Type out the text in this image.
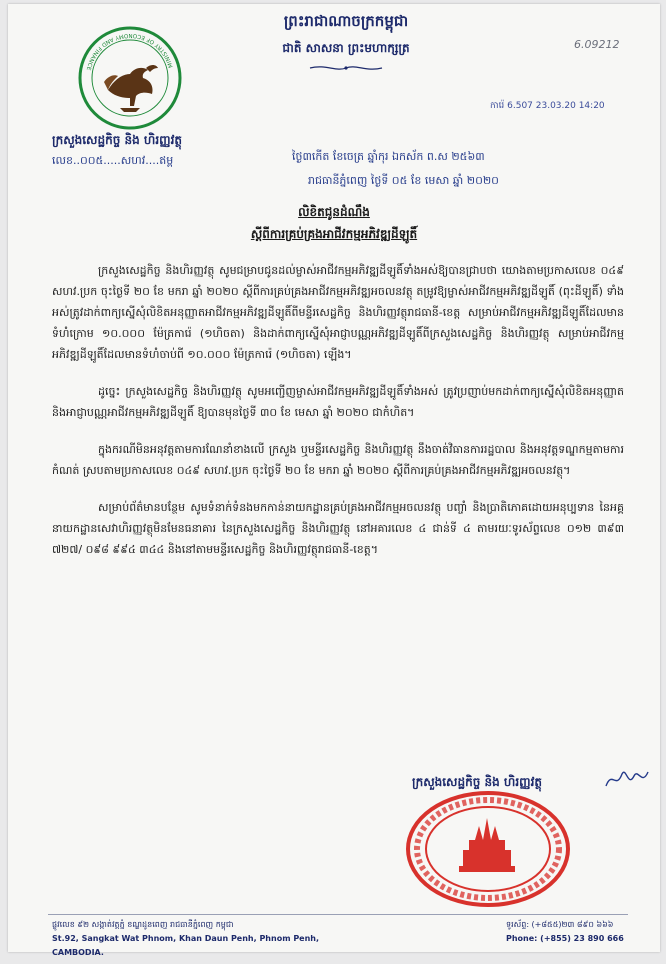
MINISTRY OF ECONOMY AND FINANCE
ក្រសួងសេដ្ឋកិច្ច និង ហិរញ្ញវត្ថុ
លេខ..០០៥.....សហវ....ឥម្ព
ព្រះរាជាណាចក្រកម្ពុជា
ជាតិ សាសនា ព្រះមហាក្សត្រ	6.09212
ការ៉េ 6.507 23.03.20 14:20
ថ្ងៃ៣កើត ខែចេត្រ ឆ្នាំកុរ ឯកស័ក ព.ស ២៥៦៣
រាជធានីភ្នំពេញ ថ្ងៃទី ០៥ ខែ មេសា ឆ្នាំ ២០២០
លិខិតជូនដំណឹង
ស្តីពីការគ្រប់គ្រងអាជីវកម្មអភិវឌ្ឍដីឡូតិ៍

ក្រសួងសេដ្ឋកិច្ច និងហិរញ្ញវត្ថុ សូមជម្រាបជូនដល់ម្ចាស់អាជីវកម្មអភិវឌ្ឍដីឡូតិ៍ទាំងអស់ឱ្យបានជ្រាបថា យោងតាមប្រកាសលេខ ០៤៩ សហវ.ប្រក ចុះថ្ងៃទី ២០ ខែ មករា ឆ្នាំ ២០២០ ស្តីពីការគ្រប់គ្រងអាជីវកម្មអភិវឌ្ឍអចលនវត្ថុ តម្រូវឱ្យម្ចាស់អាជីវកម្មអភិវឌ្ឍដីឡូតិ៍ (ពុះដីឡូតិ៍) ទាំងអស់ត្រូវដាក់ពាក្យស្នើសុំលិខិតអនុញ្ញាតអាជីវកម្មអភិវឌ្ឍដីឡូតិ៍ពីមន្ទីរសេដ្ឋកិច្ច និងហិរញ្ញវត្ថុរាជធានី-ខេត្ត សម្រាប់អាជីវកម្មអភិវឌ្ឍដីឡូតិ៍ដែលមានទំហំក្រោម ១០.០០០ ម៉ែត្រការ៉េ (១ហិចតា) និងដាក់ពាក្យស្នើសុំអាជ្ញាបណ្ណអភិវឌ្ឍដីឡូតិ៍ពីក្រសួងសេដ្ឋកិច្ច និងហិរញ្ញវត្ថុ សម្រាប់អាជីវកម្មអភិវឌ្ឍដីឡូតិ៍ដែលមានទំហំចាប់ពី ១០.០០០ ម៉ែត្រការ៉េ (១ហិចតា) ឡើង។

ដូច្នេះ ក្រសួងសេដ្ឋកិច្ច និងហិរញ្ញវត្ថុ សូមអញ្ជើញម្ចាស់អាជីវកម្មអភិវឌ្ឍដីឡូតិ៍ទាំងអស់ ត្រូវប្រញាប់មកដាក់ពាក្យស្នើសុំលិខិតអនុញ្ញាត និងអាជ្ញាបណ្ណអាជីវកម្មអភិវឌ្ឍដីឡូតិ៍ ឱ្យបានមុនថ្ងៃទី ៣០ ខែ មេសា ឆ្នាំ ២០២០ ជាកំហិត។

ក្នុងករណីមិនអនុវត្តតាមការណែនាំខាងលើ ក្រសួង ឬមន្ទីរសេដ្ឋកិច្ច និងហិរញ្ញវត្ថុ នឹងចាត់វិធានការរដ្ឋបាល និងអនុវត្តទណ្ឌកម្មតាមការកំណត់ ស្របតាមប្រកាសលេខ ០៤៩ សហវ.ប្រក ចុះថ្ងៃទី ២០ ខែ មករា ឆ្នាំ ២០២០ ស្តីពីការគ្រប់គ្រងអាជីវកម្មអភិវឌ្ឍអចលនវត្ថុ។

សម្រាប់ព័ត៌មានបន្ថែម សូមទំនាក់ទំនងមកកាន់នាយកដ្ឋានគ្រប់គ្រងអាជីវកម្មអចលនវត្ថុ បញ្ចាំ និងប្រាតិភោគដោយអនុប្បទាន នៃអគ្គនាយកដ្ឋានសេវាហិរញ្ញវត្ថុមិនមែនធនាគារ នៃក្រសួងសេដ្ឋកិច្ច និងហិរញ្ញវត្ថុ នៅអគារលេខ ៤ ជាន់ទី ៤ តាមរយៈទូរស័ព្ទលេខ ០១២ ៣៩៣ ៧២៧/ ០៩៨ ៩៩៤ ៣៤៤ និងនៅតាមមន្ទីរសេដ្ឋកិច្ច និងហិរញ្ញវត្ថុរាជធានី-ខេត្ត។

ក្រសួងសេដ្ឋកិច្ច និង ហិរញ្ញវត្ថុ
ផ្លូវលេខ ៩២ សង្កាត់វត្តភ្នំ ខណ្ឌដូនពេញ រាជធានីភ្នំពេញ កម្ពុជា
St.92, Sangkat Wat Phnom, Khan Daun Penh, Phnom Penh, CAMBODIA.
ទូរស័ព្ទ: (+៨៥៥)២៣ ៨៩០ ៦៦៦
Phone: (+855) 23 890 666
